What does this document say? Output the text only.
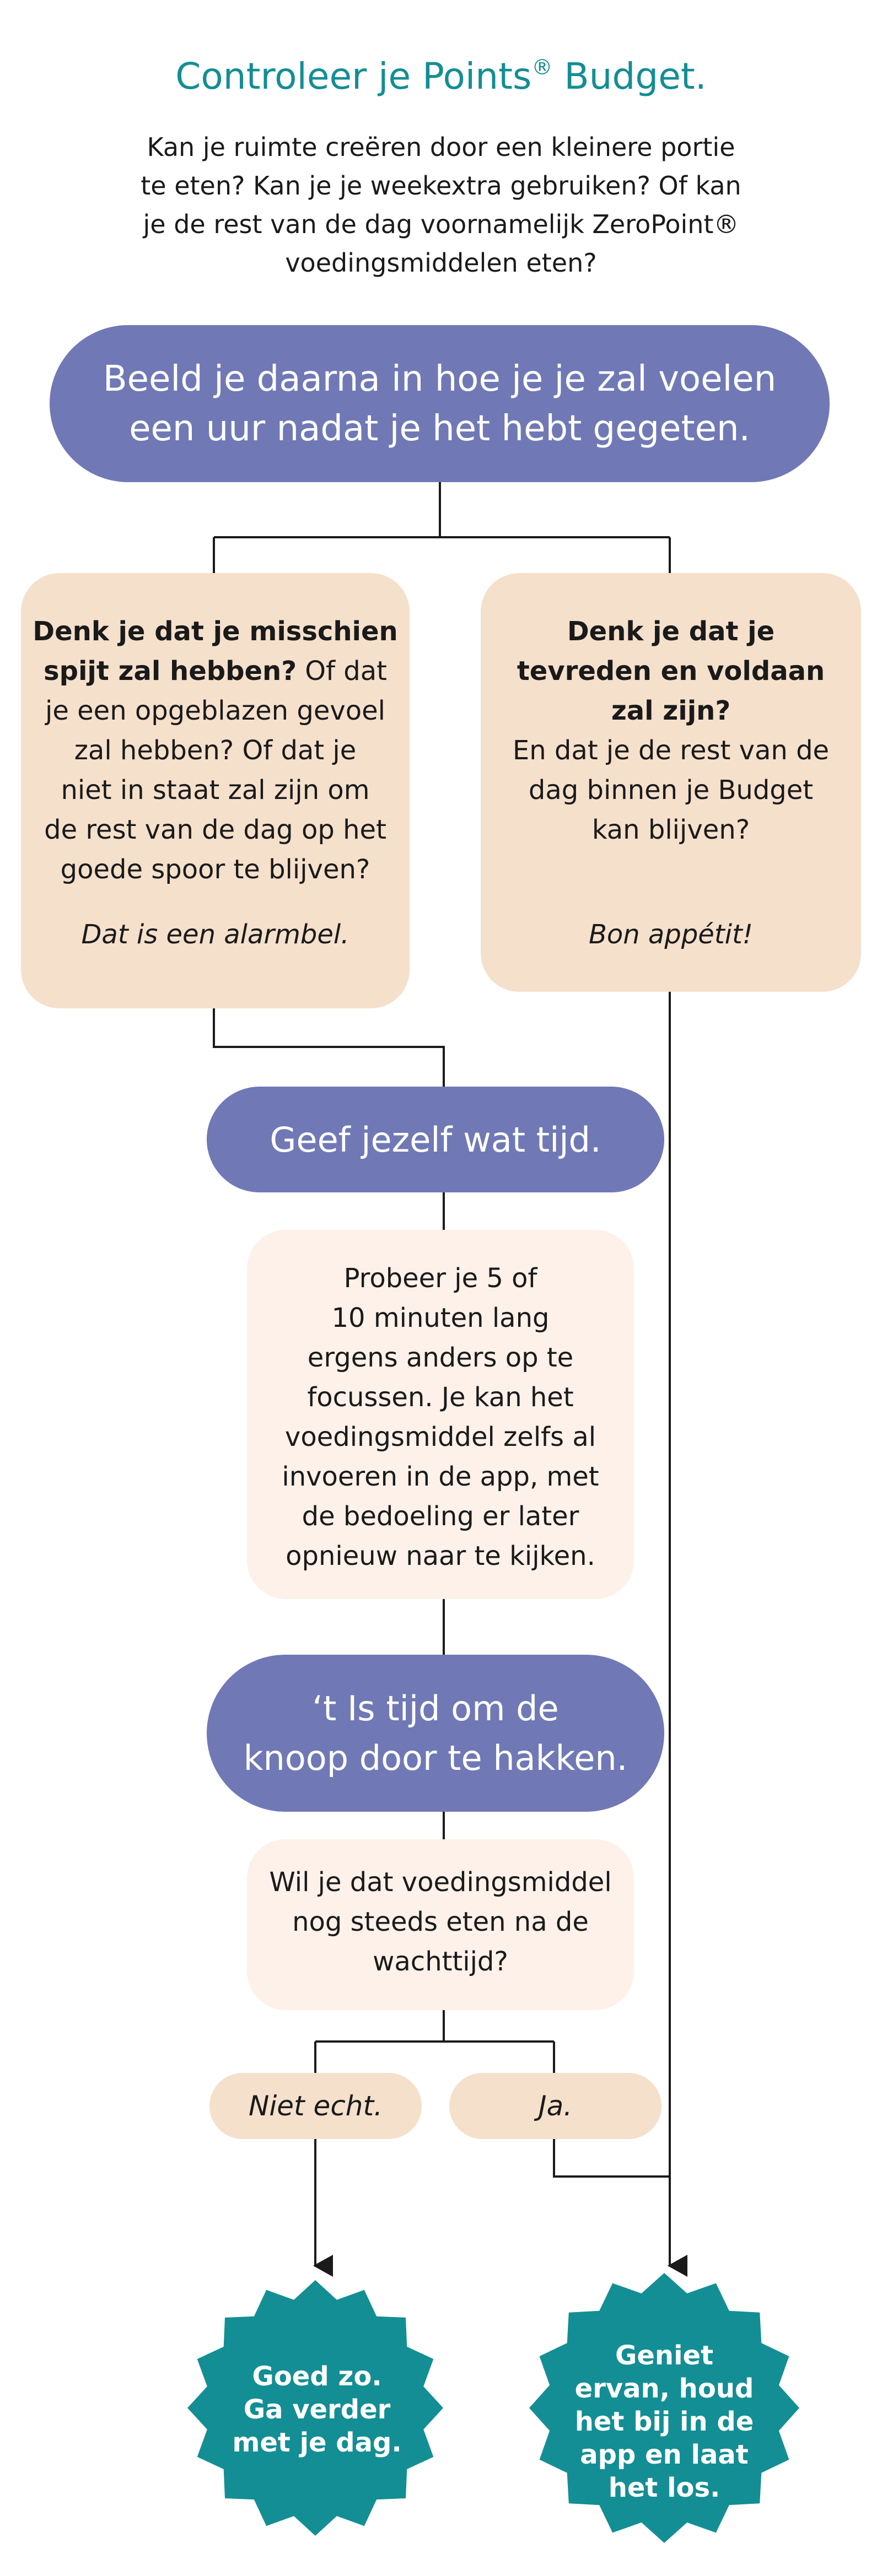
Controleer je Points® Budget.
Kan je ruimte creëren door een kleinere portie
te eten? Kan je je weekextra gebruiken? Of kan
je de rest van de dag voornamelijk ZeroPoint®
voedingsmiddelen eten?
Beeld je daarna in hoe je je zal voelen
een uur nadat je het hebt gegeten.
Denk je dat je misschien
spijt zal hebben? Of dat
je een opgeblazen gevoel
zal hebben? Of dat je
niet in staat zal zijn om
de rest van de dag op het
goede spoor te blijven?
Dat is een alarmbel.
Denk je dat je
tevreden en voldaan
zal zijn?
En dat je de rest van de
dag binnen je Budget
kan blijven?
Bon appétit!
Geef jezelf wat tijd.
Probeer je 5 of
10 minuten lang
ergens anders op te
focussen. Je kan het
voedingsmiddel zelfs al
invoeren in de app, met
de bedoeling er later
opnieuw naar te kijken.
‘t Is tijd om de
knoop door te hakken.
Wil je dat voedingsmiddel
nog steeds eten na de
wachttijd?
Niet echt.	Ja.
Goed zo.
Ga verder
met je dag.
Geniet
ervan, houd
het bij in de
app en laat
het los.
